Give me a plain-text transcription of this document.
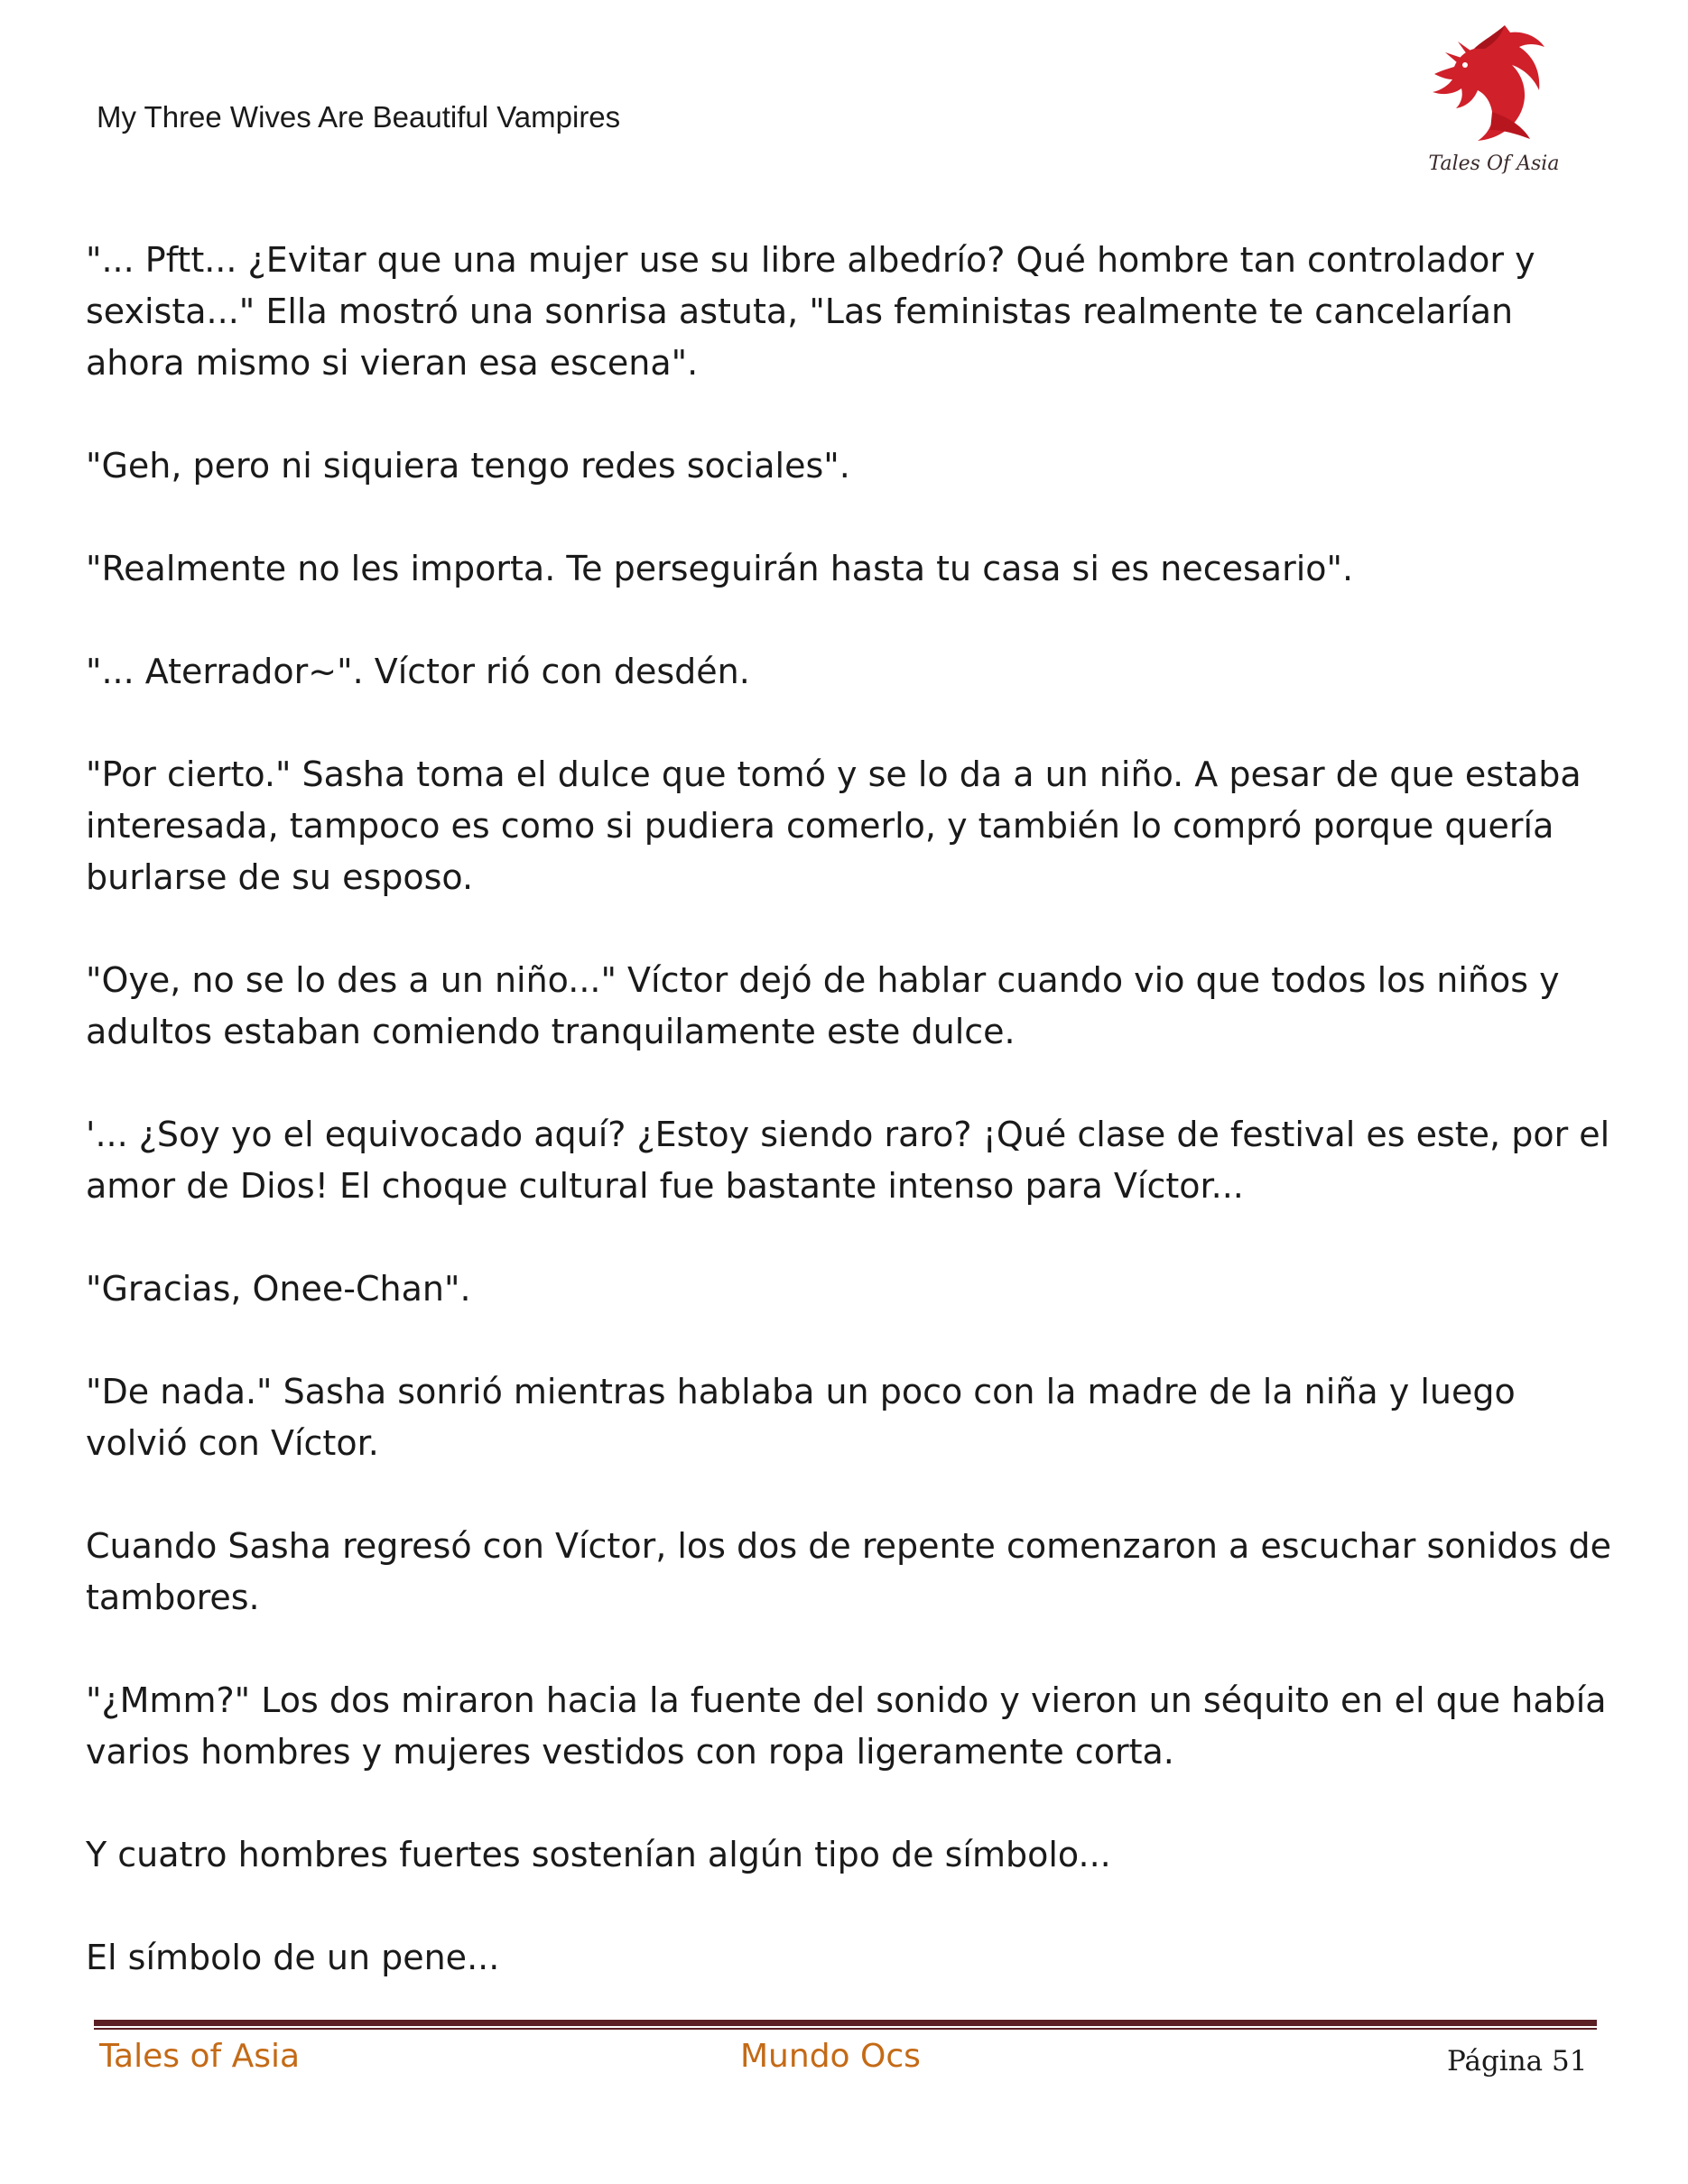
My Three Wives Are Beautiful Vampires
Tales Of Asia

"... Pftt... ¿Evitar que una mujer use su libre albedrío? Qué hombre tan controlador y sexista..." Ella mostró una sonrisa astuta, "Las feministas realmente te cancelarían ahora mismo si vieran esa escena".

"Geh, pero ni siquiera tengo redes sociales".

"Realmente no les importa. Te perseguirán hasta tu casa si es necesario".

"... Aterrador~". Víctor rió con desdén.

"Por cierto." Sasha toma el dulce que tomó y se lo da a un niño. A pesar de que estaba interesada, tampoco es como si pudiera comerlo, y también lo compró porque quería burlarse de su esposo.

"Oye, no se lo des a un niño..." Víctor dejó de hablar cuando vio que todos los niños y adultos estaban comiendo tranquilamente este dulce.

'... ¿Soy yo el equivocado aquí? ¿Estoy siendo raro? ¡Qué clase de festival es este, por el amor de Dios! El choque cultural fue bastante intenso para Víctor...

"Gracias, Onee-Chan".

"De nada." Sasha sonrió mientras hablaba un poco con la madre de la niña y luego volvió con Víctor.

Cuando Sasha regresó con Víctor, los dos de repente comenzaron a escuchar sonidos de tambores.

"¿Mmm?" Los dos miraron hacia la fuente del sonido y vieron un séquito en el que había varios hombres y mujeres vestidos con ropa ligeramente corta.

Y cuatro hombres fuertes sostenían algún tipo de símbolo...

El símbolo de un pene...

Tales of Asia	Mundo Ocs	Página 51
